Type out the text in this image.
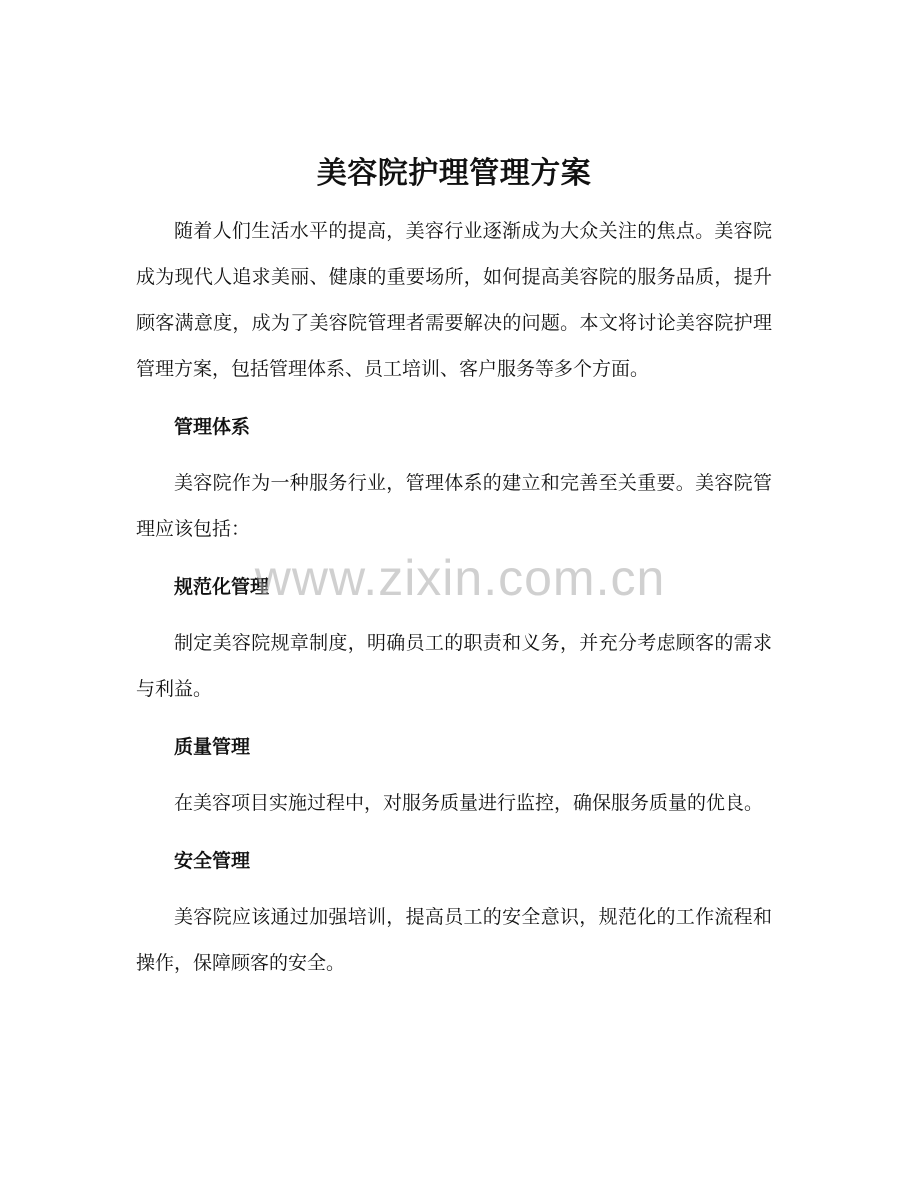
美容院护理管理方案

随着人们生活水平的提高，美容行业逐渐成为大众关注的焦点。美容院成为现代人追求美丽、健康的重要场所，如何提高美容院的服务品质，提升顾客满意度，成为了美容院管理者需要解决的问题。本文将讨论美容院护理管理方案，包括管理体系、员工培训、客户服务等多个方面。

管理体系

美容院作为一种服务行业，管理体系的建立和完善至关重要。美容院管理应该包括：

规范化管理

制定美容院规章制度，明确员工的职责和义务，并充分考虑顾客的需求与利益。

质量管理

在美容项目实施过程中，对服务质量进行监控，确保服务质量的优良。

安全管理

美容院应该通过加强培训，提高员工的安全意识，规范化的工作流程和操作，保障顾客的安全。

www.zixin.com.cn
